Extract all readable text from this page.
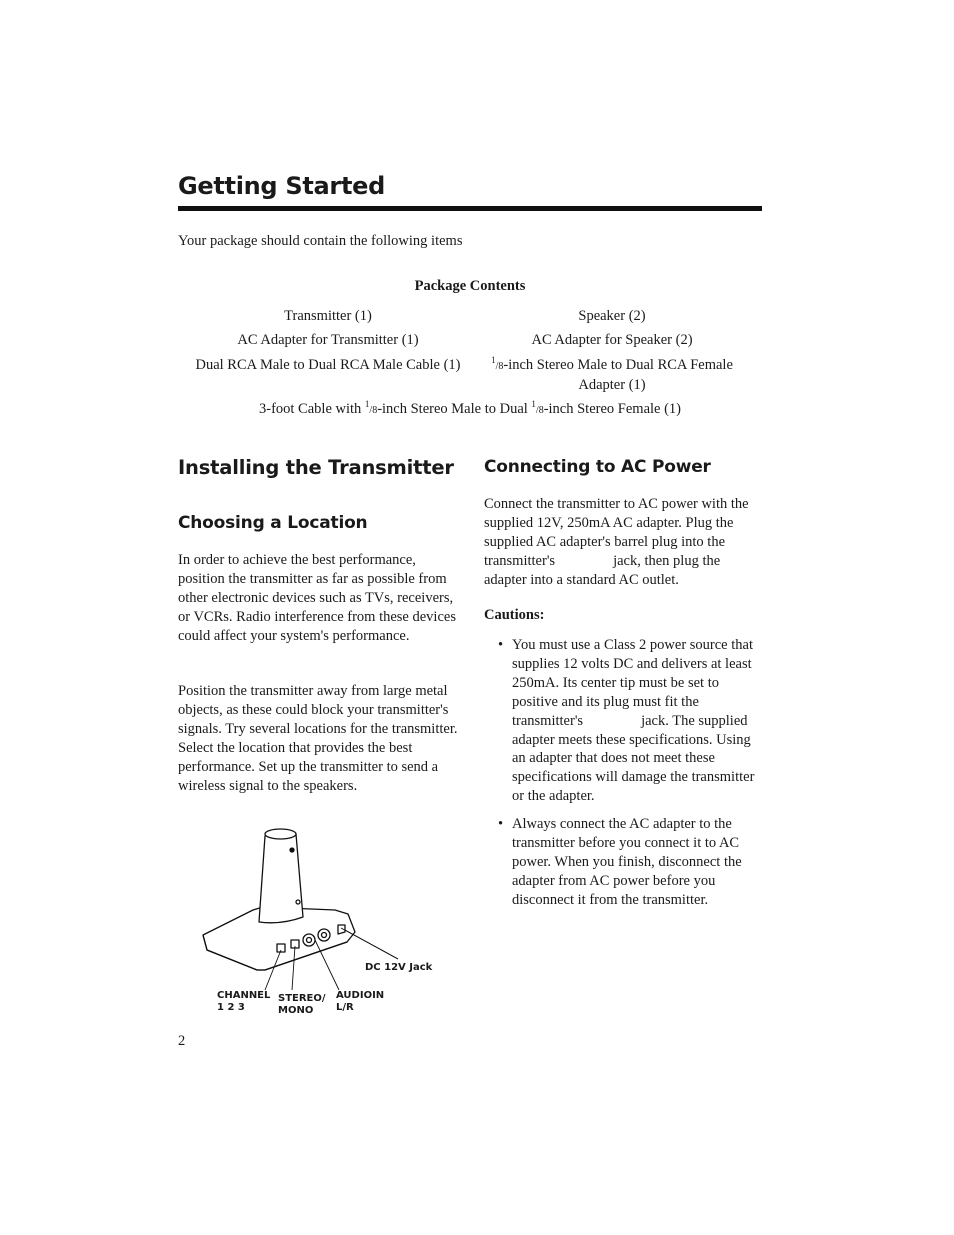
Getting Started
Your package should contain the following items
Package Contents
Transmitter (1)	Speaker (2)
AC Adapter for Transmitter (1)	AC Adapter for Speaker (2)
Dual RCA Male to Dual RCA Male Cable (1)	$^1$/8-inch Stereo Male to Dual RCA Female
Adapter (1)
3-foot Cable with $^1$/8-inch Stereo Male to Dual $^1$/8-inch Stereo Female (1)
Installing the Transmitter
Choosing a Location

In order to achieve the best performance, position the transmitter as far as possible from other electronic devices such as TVs, receivers, or VCRs. Radio interference from these devices could affect your system's performance.

Position the transmitter away from large metal objects, as these could block your transmitter's signals. Try several locations for the transmitter. Select the location that provides the best performance. Set up the transmitter to send a wireless signal to the speakers.

DC 12V Jack
CHANNEL
1 2 3
STEREO/
MONO
AUDIOIN
L/R
Connecting to AC Power

Connect the transmitter to AC power with the supplied 12V, 250mA AC adapter. Plug the supplied AC adapter's barrel plug into the transmitter's                jack, then plug the adapter into a standard AC outlet.

Cautions:
• You must use a Class 2 power source that supplies 12 volts DC and delivers at least 250mA. Its center tip must be set to positive and its plug must fit the transmitter's                jack. The supplied adapter meets these specifications. Using an adapter that does not meet these specifications will damage the transmitter or the adapter.
• Always connect the AC adapter to the transmitter before you connect it to AC power. When you finish, disconnect the adapter from AC power before you disconnect it from the transmitter.
2
